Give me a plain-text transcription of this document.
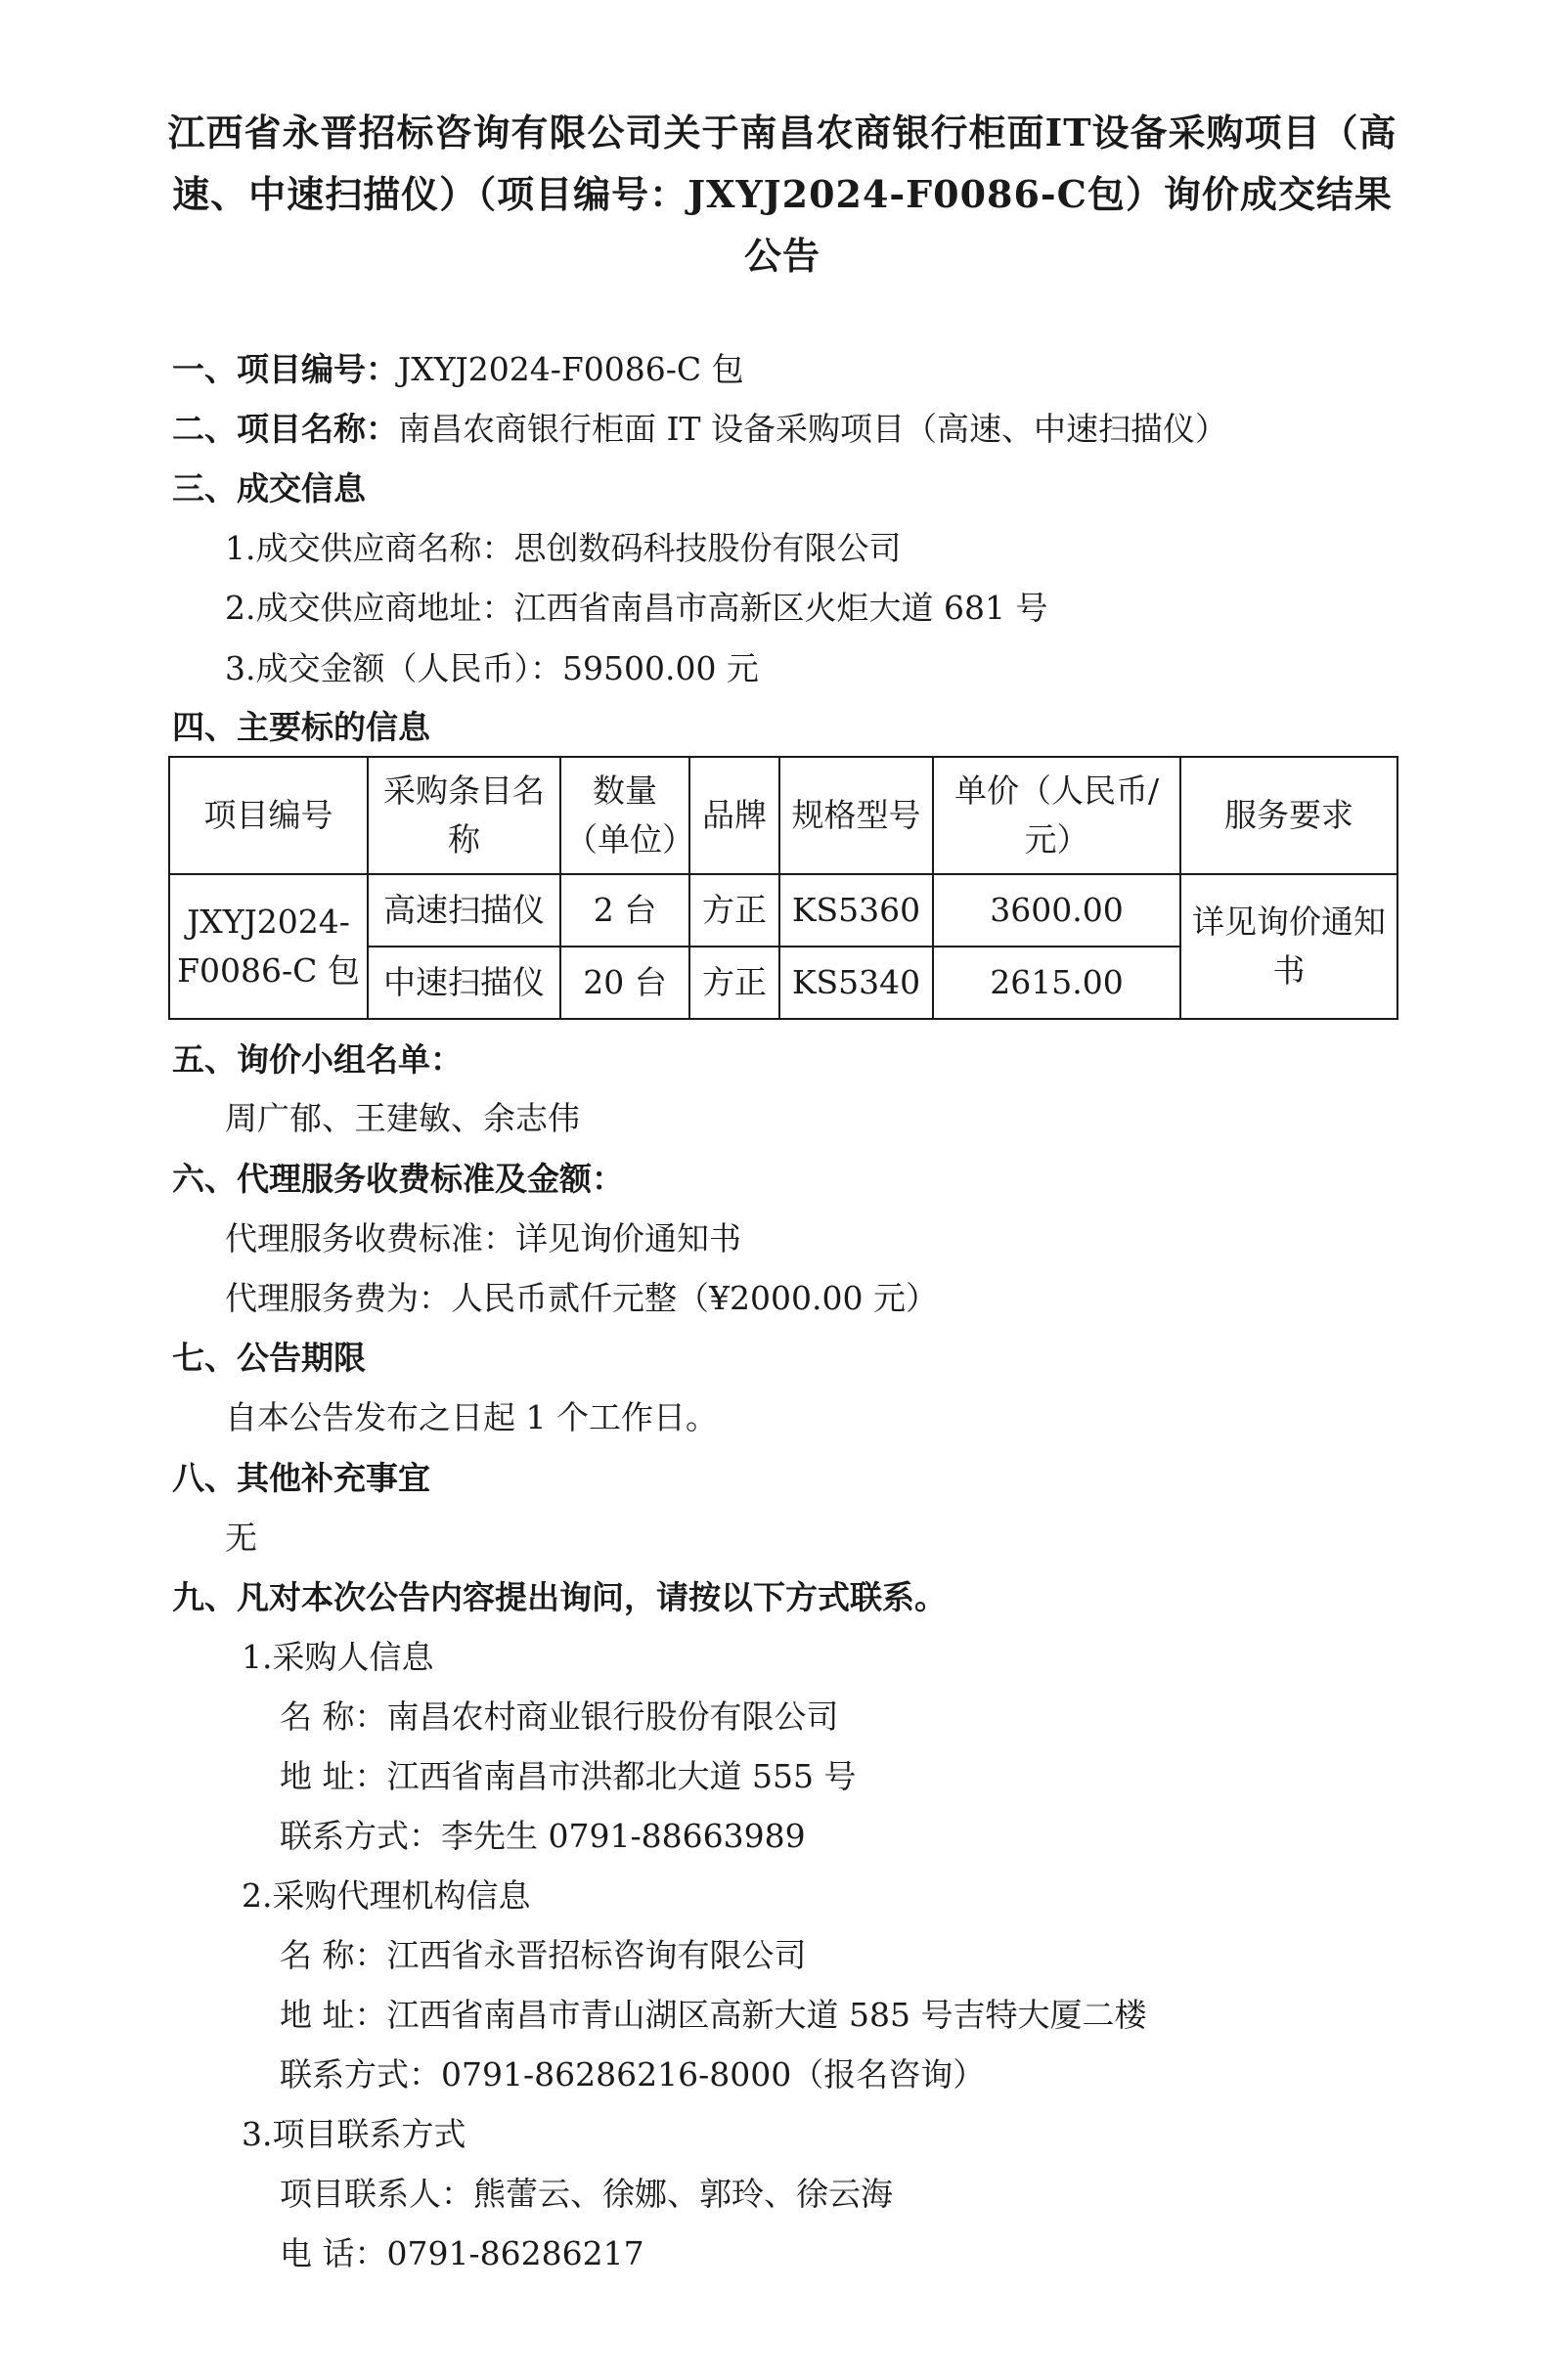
江西省永晋招标咨询有限公司关于南昌农商银行柜面IT设备采购项目（高速、中速扫描仪）（项目编号：JXYJ2024-F0086-C包）询价成交结果公告
一、项目编号：JXYJ2024-F0086-C 包
二、项目名称：南昌农商银行柜面 IT 设备采购项目（高速、中速扫描仪）
三、成交信息
1.成交供应商名称：思创数码科技股份有限公司
2.成交供应商地址：江西省南昌市高新区火炬大道 681 号
3.成交金额（人民币）：59500.00 元
四、主要标的信息
项目编号	采购条目名称	数量（单位）	品牌	规格型号	单价（人民币/元）	服务要求
JXYJ2024-F0086-C 包	高速扫描仪	2 台	方正	KS5360	3600.00	详见询价通知书
	中速扫描仪	20 台	方正	KS5340	2615.00	
五、询价小组名单：
周广郁、王建敏、余志伟
六、代理服务收费标准及金额：
代理服务收费标准：详见询价通知书
代理服务费为：人民币贰仟元整（¥2000.00 元）
七、公告期限
自本公告发布之日起 1 个工作日。
八、其他补充事宜
无
九、凡对本次公告内容提出询问，请按以下方式联系。
1.采购人信息
名 称：南昌农村商业银行股份有限公司
地 址：江西省南昌市洪都北大道 555 号
联系方式：李先生 0791-88663989
2.采购代理机构信息
名 称：江西省永晋招标咨询有限公司
地 址：江西省南昌市青山湖区高新大道 585 号吉特大厦二楼
联系方式：0791-86286216-8000（报名咨询）
3.项目联系方式
项目联系人：熊蕾云、徐娜、郭玲、徐云海
电 话：0791-86286217
